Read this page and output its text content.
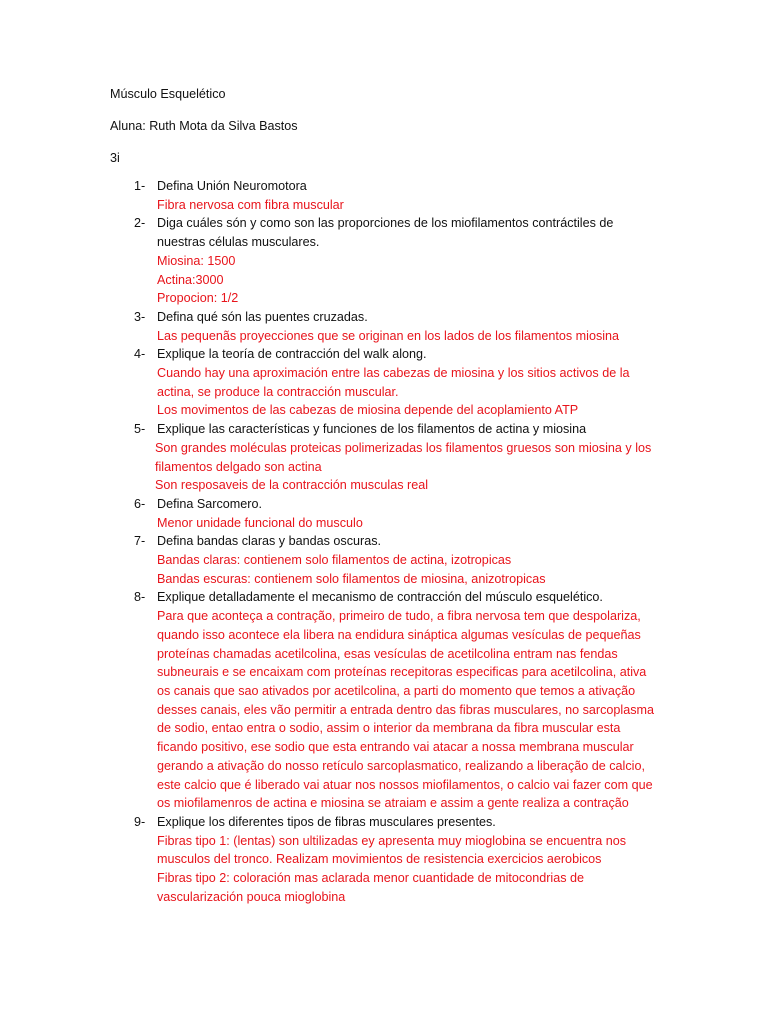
Músculo Esquelético

Aluna: Ruth Mota da Silva Bastos

3i

1- Defina Unión Neuromotora
Fibra nervosa com fibra muscular
2- Diga cuáles són y como son las proporciones de los miofilamentos contráctiles de nuestras células musculares.
Miosina: 1500
Actina:3000
Propocion: 1/2
3- Defina qué són las puentes cruzadas.
Las pequenãs proyecciones que se originan en los lados de los filamentos miosina
4- Explique la teoría de contracción del walk along.
Cuando hay una aproximación entre las cabezas de miosina y los sitios activos de la actina, se produce la contracción muscular.
Los movimentos de las cabezas de miosina depende del acoplamiento ATP
5- Explique las características y funciones de los filamentos de actina y miosina
Son grandes moléculas proteicas polimerizadas los filamentos gruesos son miosina y los filamentos delgado son actina
Son resposaveis de la contracción musculas real
6- Defina Sarcomero.
Menor unidade funcional do musculo
7- Defina bandas claras y bandas oscuras.
Bandas claras: contienem solo filamentos de actina, izotropicas
Bandas escuras: contienem solo filamentos de miosina, anizotropicas
8- Explique detalladamente el mecanismo de contracción del músculo esquelético.
Para que aconteça a contração, primeiro de tudo, a fibra nervosa tem que despolariza, quando isso acontece ela libera na endidura sináptica algumas vesículas de pequeñas proteínas chamadas acetilcolina, esas vesículas de acetilcolina entram nas fendas subneurais e se encaixam com proteínas recepitoras especificas para acetilcolina, ativa os canais que sao ativados por acetilcolina, a parti do momento que temos a ativação desses canais, eles vão permitir a entrada dentro das fibras musculares, no sarcoplasma de sodio, entao entra o sodio, assim o interior da membrana da fibra muscular esta ficando positivo, ese sodio que esta entrando vai atacar a nossa membrana muscular gerando a ativação do nosso retículo sarcoplasmatico, realizando a liberação de calcio, este calcio que é liberado vai atuar nos nossos miofilamentos, o calcio vai fazer com que os miofilamenros de actina e miosina se atraiam e assim a gente realiza a contração
9- Explique los diferentes tipos de fibras musculares presentes.
Fibras tipo 1: (lentas) son ultilizadas ey apresenta muy mioglobina se encuentra nos musculos del tronco. Realizam movimientos de resistencia exercicios aerobicos
Fibras tipo 2: coloración mas aclarada menor cuantidade de mitocondrias de vascularización pouca mioglobina
